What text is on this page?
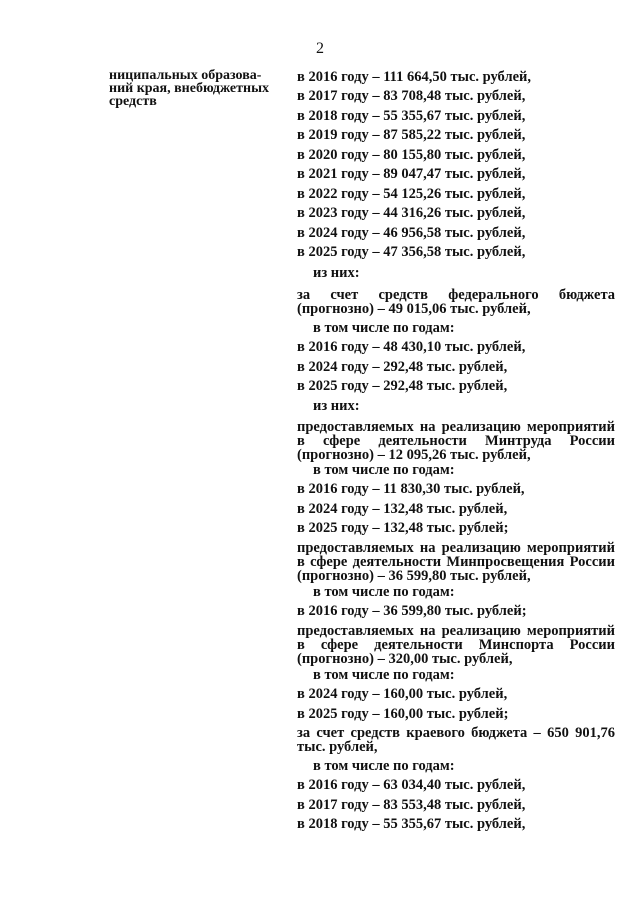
2
ниципальных образова-
ний края, внебюджетных
средств
в 2016 году – 111 664,50 тыс. рублей,
в 2017 году – 83 708,48 тыс. рублей,
в 2018 году – 55 355,67 тыс. рублей,
в 2019 году – 87 585,22 тыс. рублей,
в 2020 году – 80 155,80 тыс. рублей,
в 2021 году – 89 047,47 тыс. рублей,
в 2022 году – 54 125,26 тыс. рублей,
в 2023 году – 44 316,26 тыс. рублей,
в 2024 году – 46 956,58 тыс. рублей,
в 2025 году – 47 356,58 тыс. рублей,
из них:
за счет средств федерального бюджета (прогнозно) – 49 015,06 тыс. рублей,
в том числе по годам:
в 2016 году – 48 430,10 тыс. рублей,
в 2024 году – 292,48 тыс. рублей,
в 2025 году – 292,48 тыс. рублей,
из них:
предоставляемых на реализацию мероприятий в сфере деятельности Минтруда России (прогнозно) – 12 095,26 тыс. рублей,
в том числе по годам:
в 2016 году – 11 830,30 тыс. рублей,
в 2024 году – 132,48 тыс. рублей,
в 2025 году – 132,48 тыс. рублей;
предоставляемых на реализацию мероприятий в сфере деятельности Минпросвещения России (прогнозно) – 36 599,80 тыс. рублей,
в том числе по годам:
в 2016 году – 36 599,80 тыс. рублей;
предоставляемых на реализацию мероприятий в сфере деятельности Минспорта России (прогнозно) – 320,00 тыс. рублей,
в том числе по годам:
в 2024 году – 160,00 тыс. рублей,
в 2025 году – 160,00 тыс. рублей;
за счет средств краевого бюджета – 650 901,76 тыс. рублей,
в том числе по годам:
в 2016 году – 63 034,40 тыс. рублей,
в 2017 году – 83 553,48 тыс. рублей,
в 2018 году – 55 355,67 тыс. рублей,
